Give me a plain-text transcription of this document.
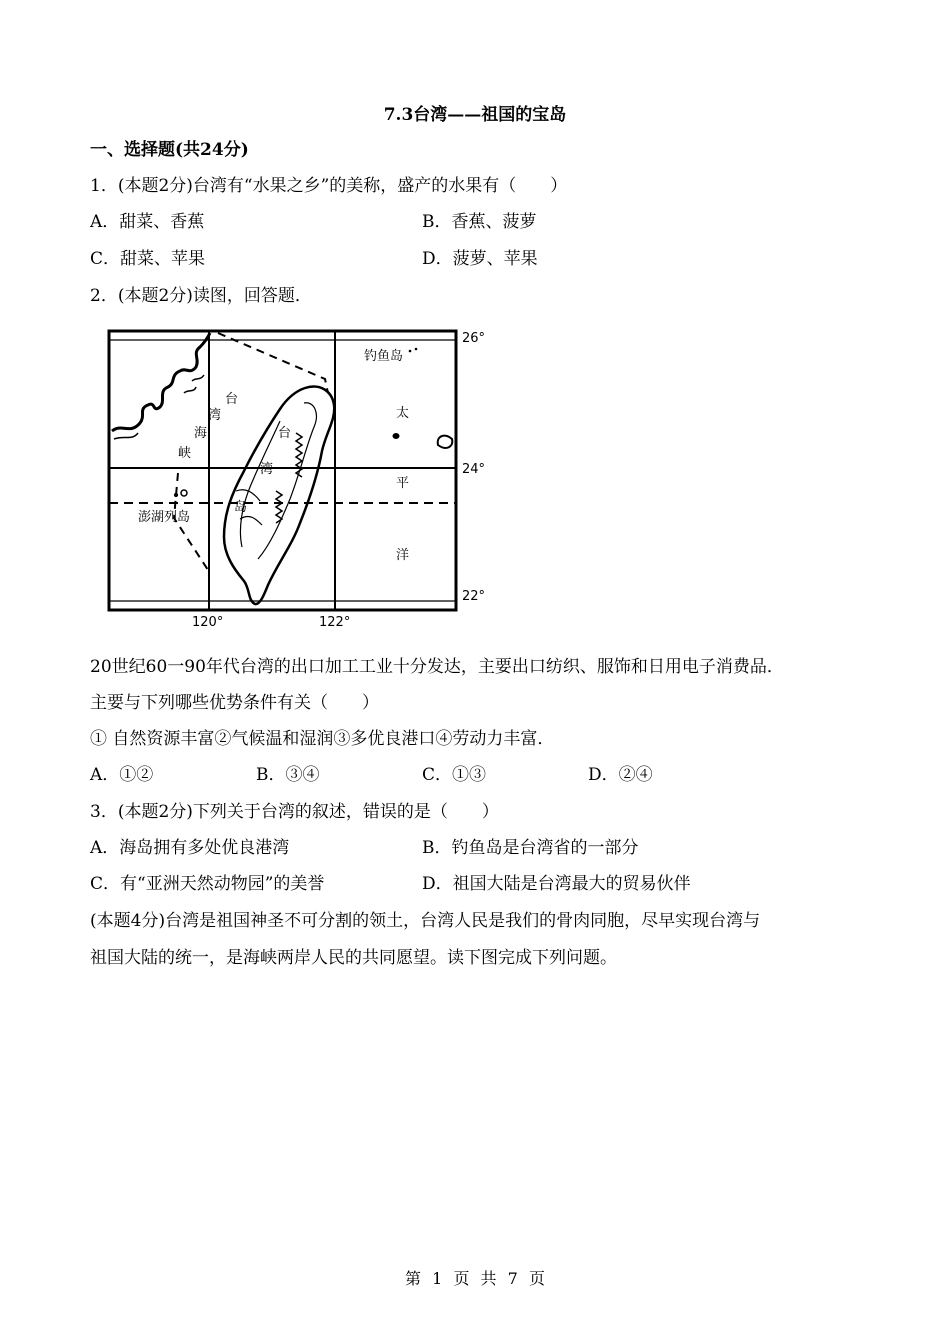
7.3台湾——祖国的宝岛
一、选择题(共24分)
1．(本题2分)台湾有“水果之乡”的美称，盛产的水果有（　　）
A．甜菜、香蕉	B．香蕉、菠萝
C．甜菜、苹果	D．菠萝、苹果
2．(本题2分)读图，回答题．
26°
24°
22°
120°	122°
钓鱼岛
澎湖列岛
台
湾
海
峡
台
湾
岛
太
平
洋
20世纪60一90年代台湾的出口加工工业十分发达，主要出口纺织、服饰和日用电子消费品．
主要与下列哪些优势条件有关（　　）
① 自然资源丰富②气候温和湿润③多优良港口④劳动力丰富．
A．①②	B．③④	C．①③	D．②④
3．(本题2分)下列关于台湾的叙述，错误的是（　　）
A．海岛拥有多处优良港湾	B．钓鱼岛是台湾省的一部分
C．有“亚洲天然动物园”的美誉	D．祖国大陆是台湾最大的贸易伙伴
(本题4分)台湾是祖国神圣不可分割的领土，台湾人民是我们的骨肉同胞，尽早实现台湾与
祖国大陆的统一，是海峡两岸人民的共同愿望。读下图完成下列问题。
第 1 页 共 7 页
